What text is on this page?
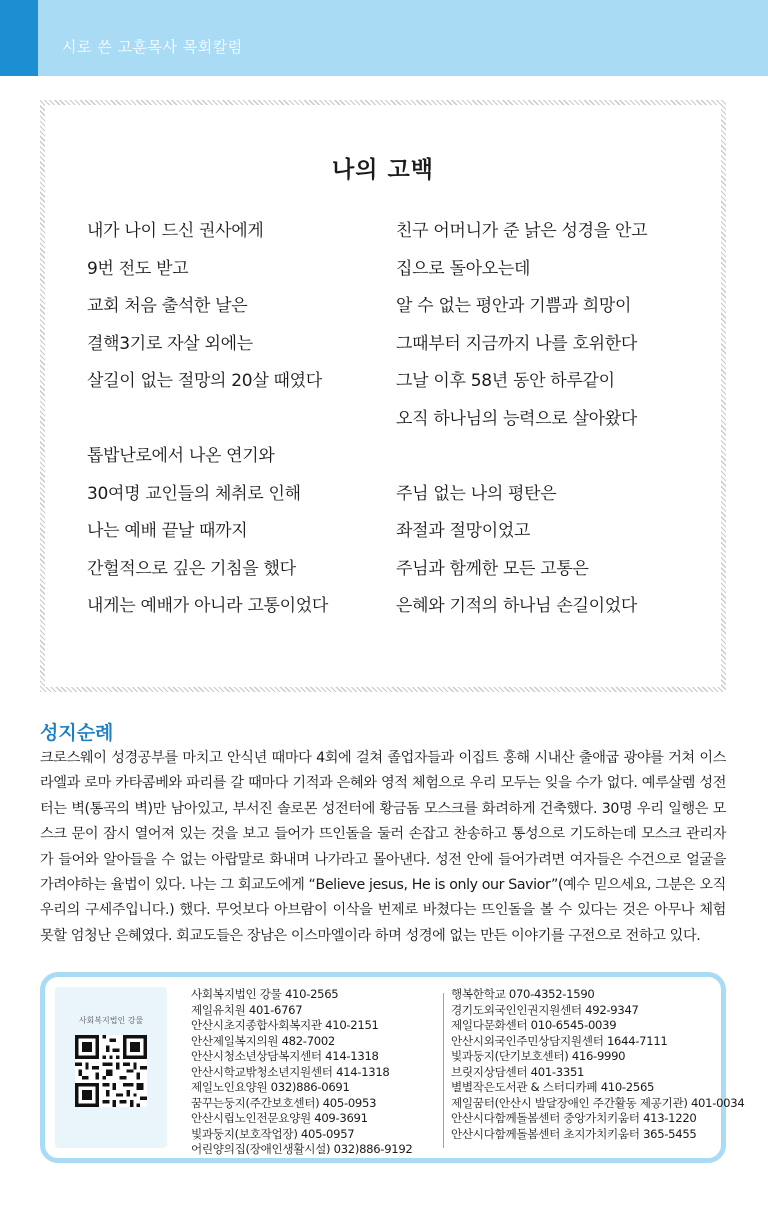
시로 쓴 고훈목사 목회칼럼
나의 고백
내가 나이 드신 권사에게
9번 전도 받고
교회 처음 출석한 날은
결핵3기로 자살 외에는
살길이 없는 절망의 20살 때였다
톱밥난로에서 나온 연기와
30여명 교인들의 체취로 인해
나는 예배 끝날 때까지
간헐적으로 깊은 기침을 했다
내게는 예배가 아니라 고통이었다
친구 어머니가 준 낡은 성경을 안고
집으로 돌아오는데
알 수 없는 평안과 기쁨과 희망이
그때부터 지금까지 나를 호위한다
그날 이후 58년 동안 하루같이
오직 하나님의 능력으로 살아왔다
주님 없는 나의 평탄은
좌절과 절망이었고
주님과 함께한 모든 고통은
은혜와 기적의 하나님 손길이었다
성지순례

크로스웨이 성경공부를 마치고 안식년 때마다 4회에 걸쳐 졸업자들과 이집트 홍해 시내산 출애굽 광야를 거쳐 이스라엘과 로마 카타콤베와 파리를 갈 때마다 기적과 은혜와 영적 체험으로 우리 모두는 잊을 수가 없다. 예루살렘 성전터는 벽(통곡의 벽)만 남아있고, 부서진 솔로몬 성전터에 황금돔 모스크를 화려하게 건축했다. 30명 우리 일행은 모스크 문이 잠시 열어져 있는 것을 보고 들어가 뜨인돌을 둘러 손잡고 찬송하고 통성으로 기도하는데 모스크 관리자가 들어와 알아들을 수 없는 아랍말로 화내며 나가라고 몰아낸다. 성전 안에 들어가려면 여자들은 수건으로 얼굴을 가려야하는 율법이 있다. 나는 그 회교도에게 “Believe jesus, He is only our Savior”(예수 믿으세요, 그분은 오직 우리의 구세주입니다.) 했다. 무엇보다 아브람이 이삭을 번제로 바쳤다는 뜨인돌을 볼 수 있다는 것은 아무나 체험 못할 엄청난 은혜였다. 회교도들은 장남은 이스마엘이라 하며 성경에 없는 만든 이야기를 구전으로 전하고 있다.

사회복지법인 강물
사회복지법인 강물 410-2565
제일유치원 401-6767
안산시초지종합사회복지관 410-2151
안산제일복지의원 482-7002
안산시청소년상담복지센터 414-1318
안산시학교밖청소년지원센터 414-1318
제일노인요양원 032)886-0691
꿈꾸는둥지(주간보호센터) 405-0953
안산시립노인전문요양원 409-3691
빛과둥지(보호작업장) 405-0957
어린양의집(장애인생활시설) 032)886-9192
행복한학교 070-4352-1590
경기도외국인인권지원센터 492-9347
제일다문화센터 010-6545-0039
안산시외국인주민상담지원센터 1644-7111
빛과둥지(단기보호센터) 416-9990
브릿지상담센터 401-3351
별별작은도서관 & 스터디카페 410-2565
제일꿈터(안산시 발달장애인 주간활동 제공기관) 401-0034
안산시다함께돌봄센터 중앙가치키움터 413-1220
안산시다함께돌봄센터 초지가치키움터 365-5455
